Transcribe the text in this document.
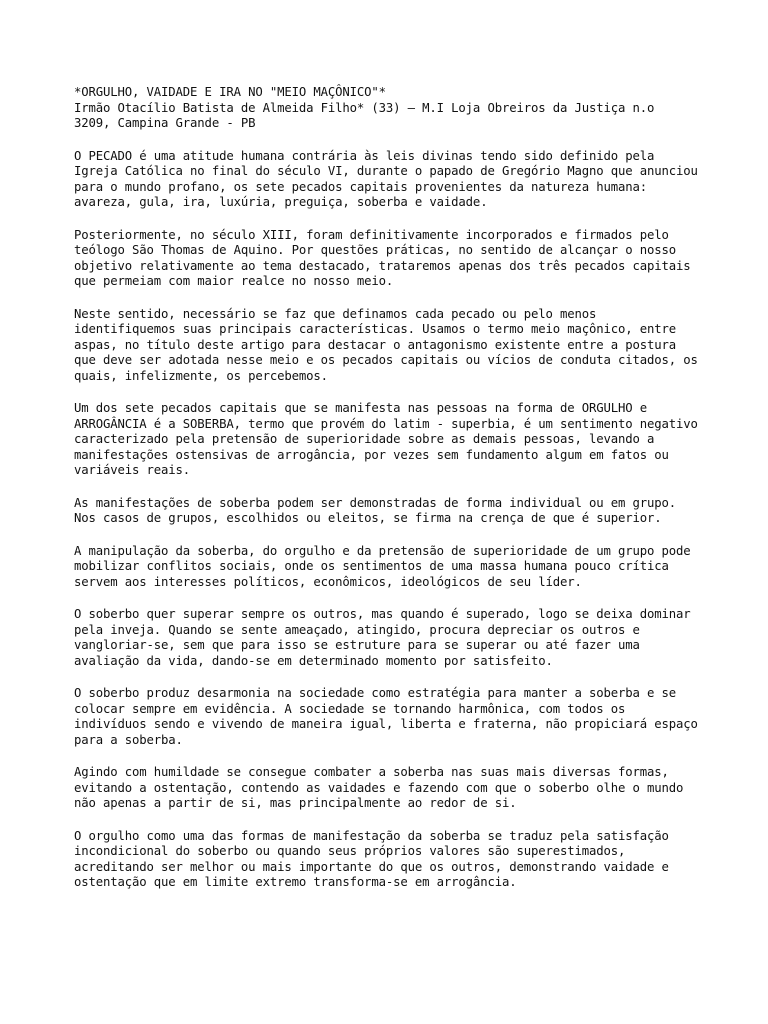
*ORGULHO, VAIDADE E IRA NO "MEIO MAÇÔNICO"*

Irmão Otacílio Batista de Almeida Filho* (33) – M.I Loja Obreiros da Justiça n.o

3209, Campina Grande - PB

O PECADO é uma atitude humana contrária às leis divinas tendo sido definido pela Igreja Católica no final do século VI, durante o papado de Gregório Magno que anunciou para o mundo profano, os sete pecados capitais provenientes da natureza humana: avareza, gula, ira, luxúria, preguiça, soberba e vaidade.

Posteriormente, no século XIII, foram definitivamente incorporados e firmados pelo teólogo São Thomas de Aquino. Por questões práticas, no sentido de alcançar o nosso objetivo relativamente ao tema destacado, trataremos apenas dos três pecados capitais que permeiam com maior realce no nosso meio.

Neste sentido, necessário se faz que definamos cada pecado ou pelo menos identifiquemos suas principais características. Usamos o termo meio maçônico, entre aspas, no título deste artigo para destacar o antagonismo existente entre a postura que deve ser adotada nesse meio e os pecados capitais ou vícios de conduta citados, os quais, infelizmente, os percebemos.

Um dos sete pecados capitais que se manifesta nas pessoas na forma de ORGULHO e ARROGÂNCIA é a SOBERBA, termo que provém do latim - superbia, é um sentimento negativo caracterizado pela pretensão de superioridade sobre as demais pessoas, levando a manifestações ostensivas de arrogância, por vezes sem fundamento algum em fatos ou variáveis reais.

As manifestações de soberba podem ser demonstradas de forma individual ou em grupo. Nos casos de grupos, escolhidos ou eleitos, se firma na crença de que é superior.

A manipulação da soberba, do orgulho e da pretensão de superioridade de um grupo pode mobilizar conflitos sociais, onde os sentimentos de uma massa humana pouco crítica servem aos interesses políticos, econômicos, ideológicos de seu líder.

O soberbo quer superar sempre os outros, mas quando é superado, logo se deixa dominar pela inveja. Quando se sente ameaçado, atingido, procura depreciar os outros e vangloriar-se, sem que para isso se estruture para se superar ou até fazer uma avaliação da vida, dando-se em determinado momento por satisfeito.

O soberbo produz desarmonia na sociedade como estratégia para manter a soberba e se colocar sempre em evidência. A sociedade se tornando harmônica, com todos os indivíduos sendo e vivendo de maneira igual, liberta e fraterna, não propiciará espaço para a soberba.

Agindo com humildade se consegue combater a soberba nas suas mais diversas formas, evitando a ostentação, contendo as vaidades e fazendo com que o soberbo olhe o mundo não apenas a partir de si, mas principalmente ao redor de si.

O orgulho como uma das formas de manifestação da soberba se traduz pela satisfação incondicional do soberbo ou quando seus próprios valores são superestimados, acreditando ser melhor ou mais importante do que os outros, demonstrando vaidade e ostentação que em limite extremo transforma-se em arrogância.
